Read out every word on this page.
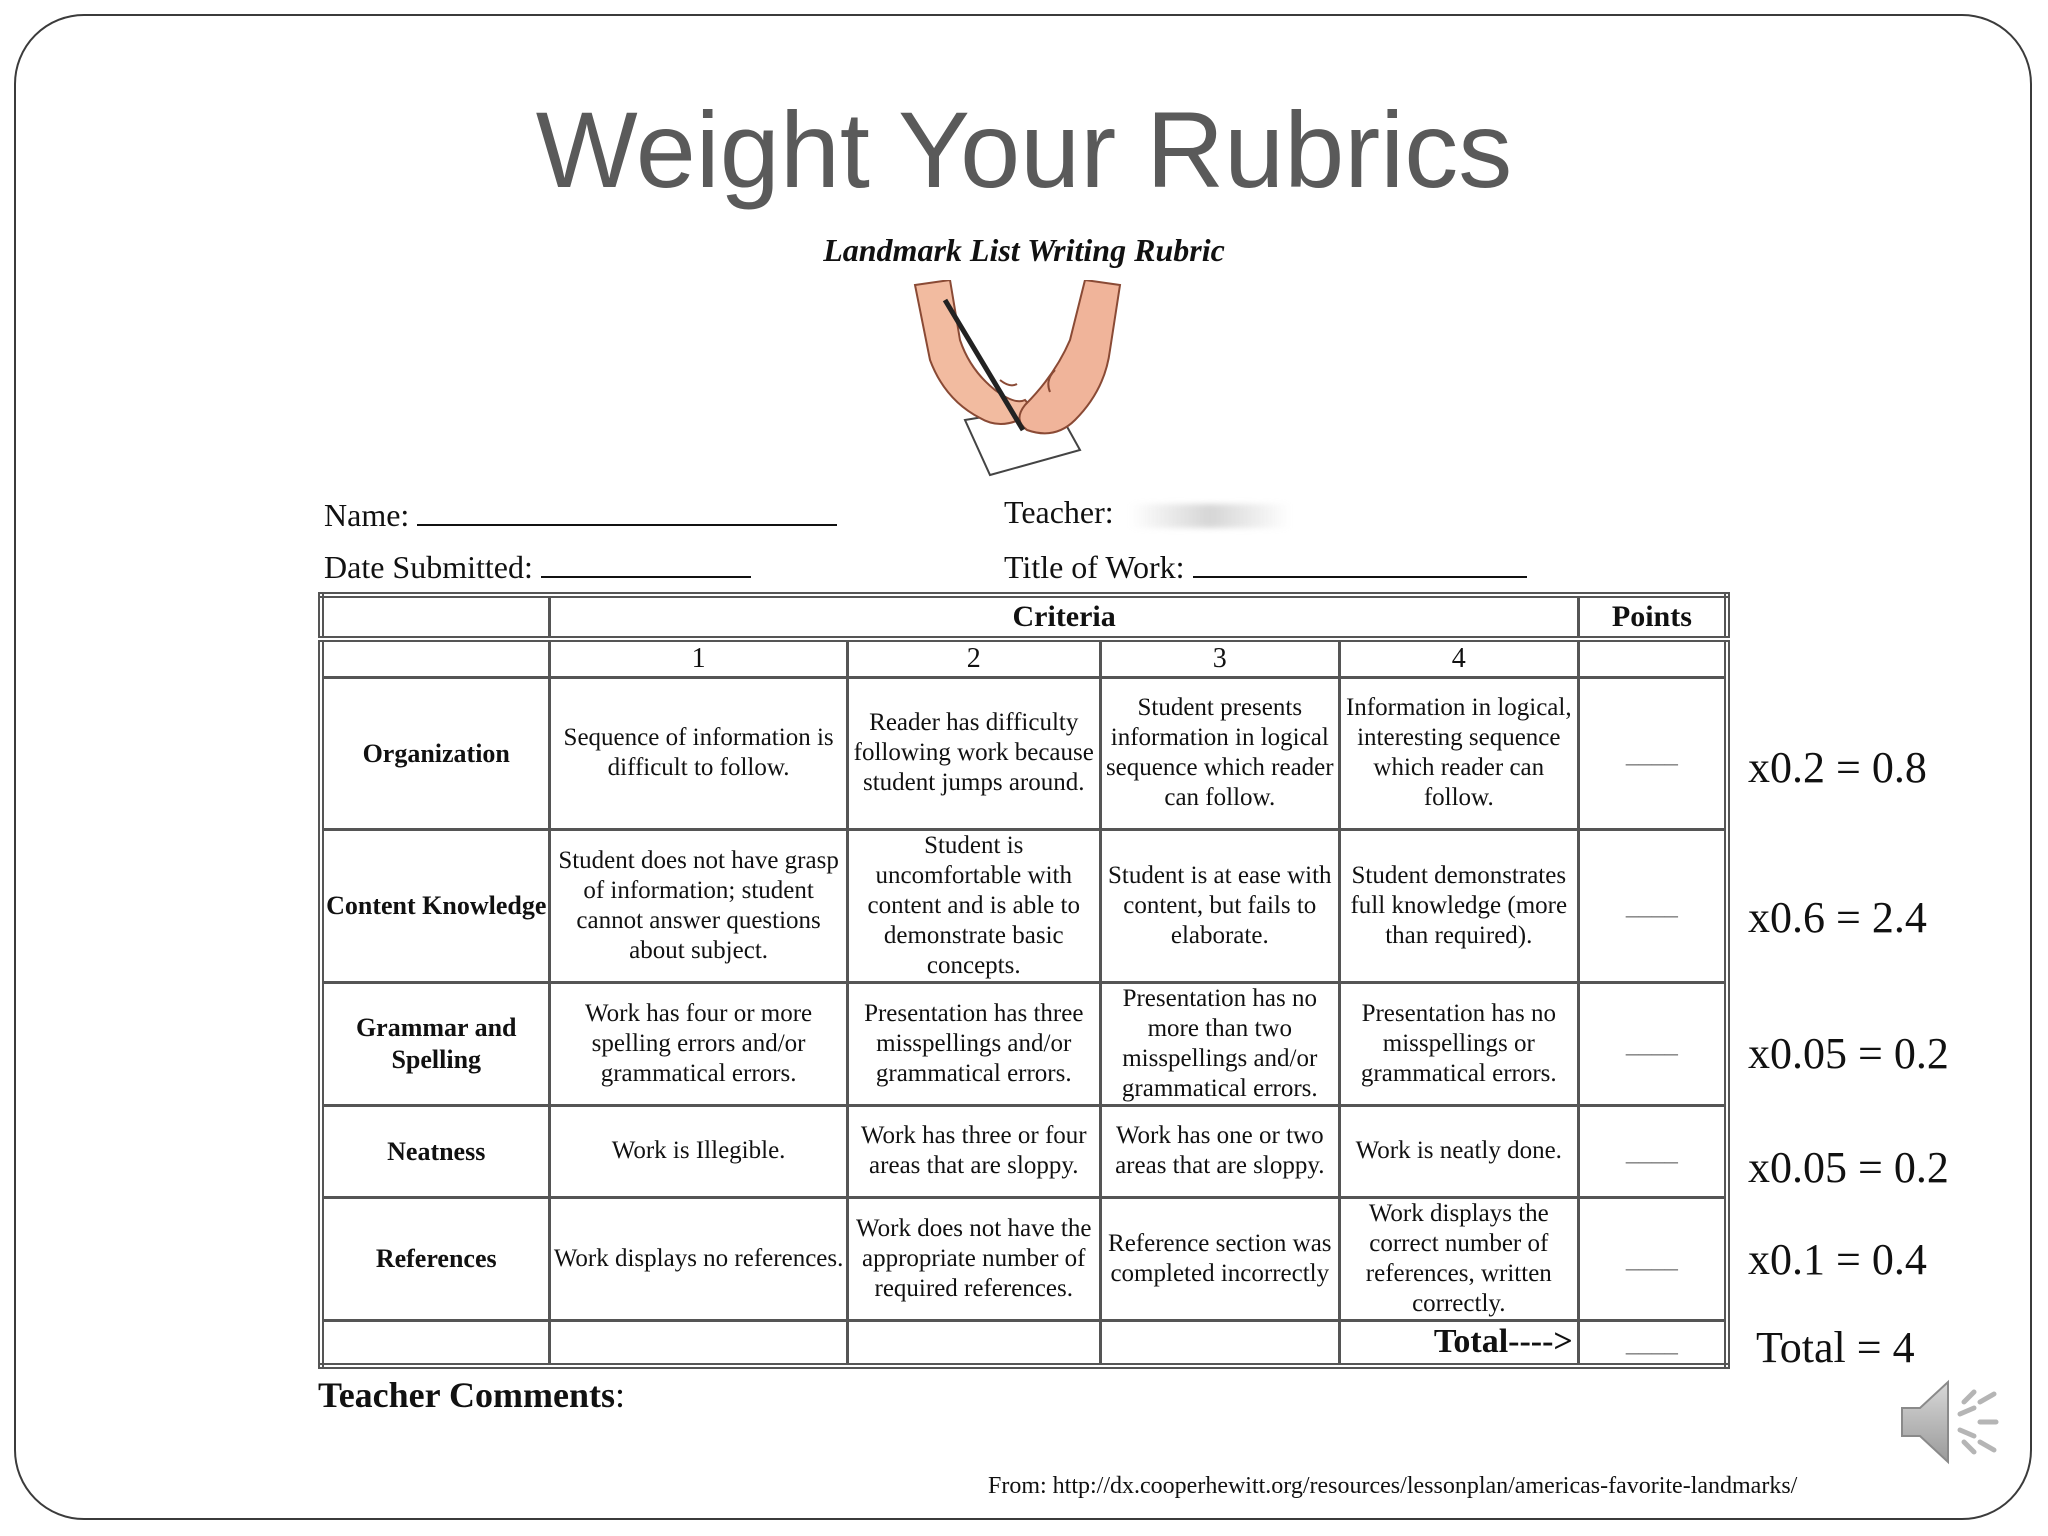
Weight Your Rubrics
Landmark List Writing Rubric
Name:	Teacher:
Date Submitted:	Title of Work:
	Criteria				Points
	1	2	3	4	
Organization	Sequence of information is difficult to follow.	Reader has difficulty following work because student jumps around.	Student presents information in logical sequence which reader can follow.	Information in logical, interesting sequence which reader can follow.	____
Content Knowledge	Student does not have grasp of information; student cannot answer questions about subject.	Student is uncomfortable with content and is able to demonstrate basic concepts.	Student is at ease with content, but fails to elaborate.	Student demonstrates full knowledge (more than required).	____
Grammar and Spelling	Work has four or more spelling errors and/or grammatical errors.	Presentation has three misspellings and/or grammatical errors.	Presentation has no more than two misspellings and/or grammatical errors.	Presentation has no misspellings or grammatical errors.	____
Neatness	Work is Illegible.	Work has three or four areas that are sloppy.	Work has one or two areas that are sloppy.	Work is neatly done.	____
References	Work displays no references.	Work does not have the appropriate number of required references.	Reference section was completed incorrectly	Work displays the correct number of references, written correctly.	____
				Total---->	____
x0.2 = 0.8
x0.6 = 2.4
x0.05 = 0.2
x0.05 = 0.2
x0.1 = 0.4
Total = 4
Teacher Comments:
From: http://dx.cooperhewitt.org/resources/lessonplan/americas-favorite-landmarks/
